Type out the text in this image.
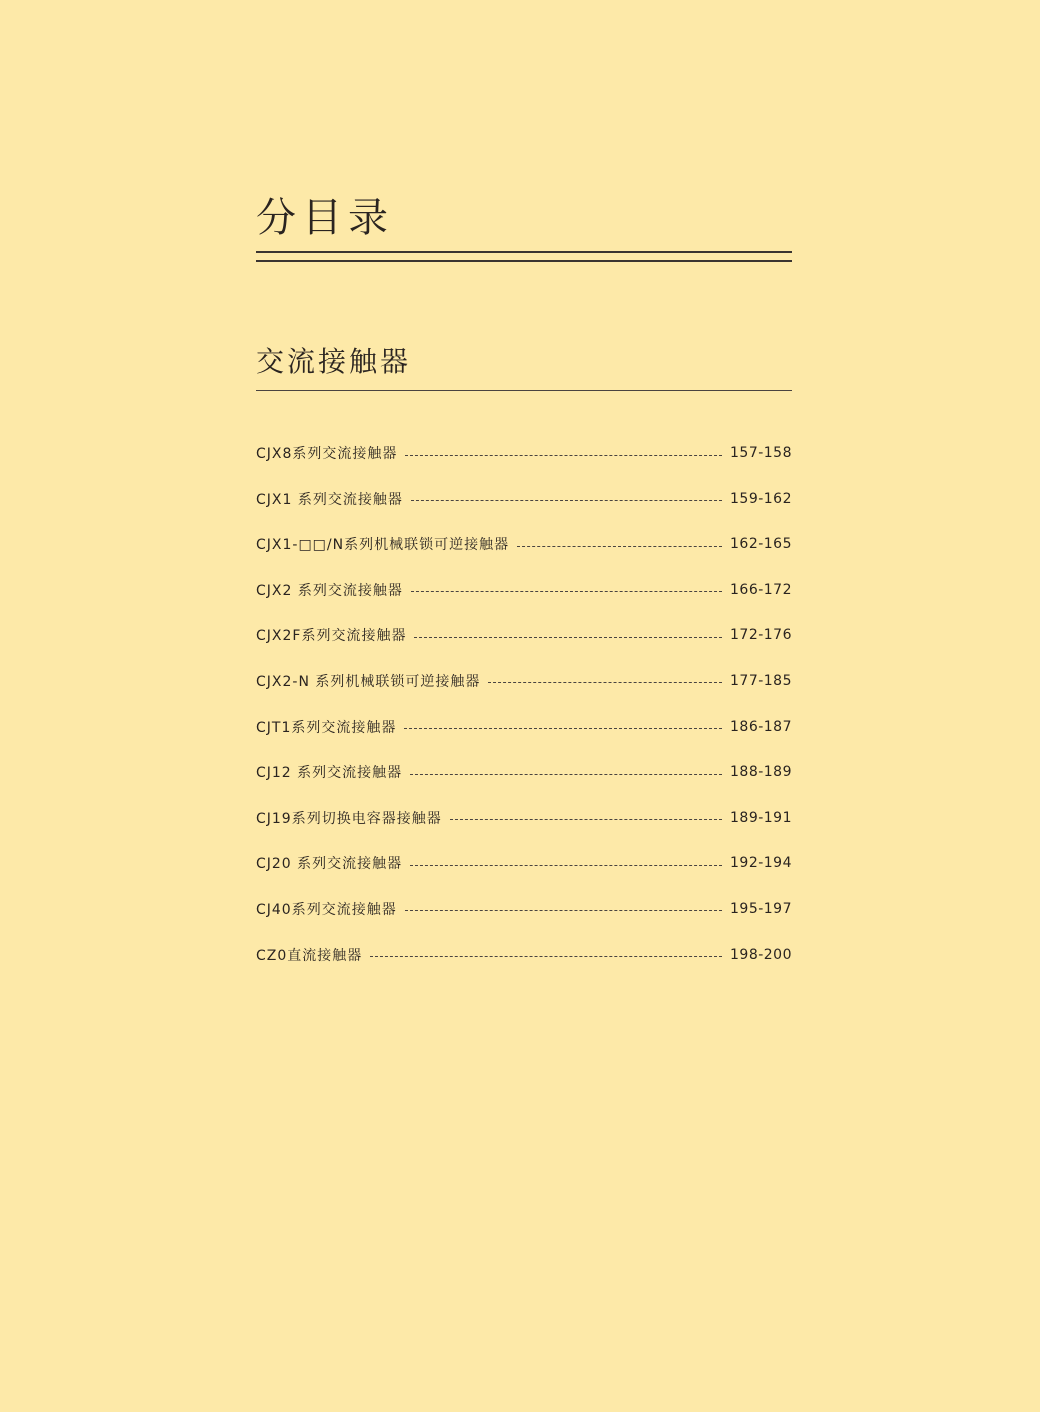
分目录
交流接触器
CJX8系列交流接触器	157-158
CJX1 系列交流接触器	159-162
CJX1-□□/N系列机械联锁可逆接触器	162-165
CJX2 系列交流接触器	166-172
CJX2F系列交流接触器	172-176
CJX2-N 系列机械联锁可逆接触器	177-185
CJT1系列交流接触器	186-187
CJ12 系列交流接触器	188-189
CJ19系列切换电容器接触器	189-191
CJ20 系列交流接触器	192-194
CJ40系列交流接触器	195-197
CZ0直流接触器	198-200
